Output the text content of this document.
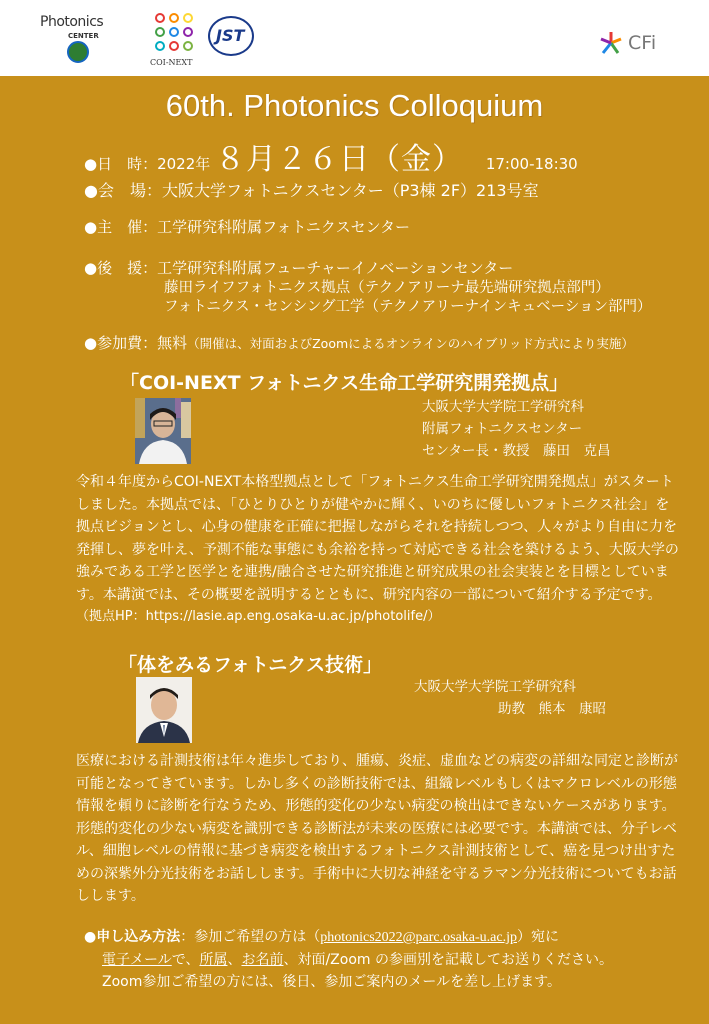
Photonics
CENTER
COI-NEXT
JST	CFi
60th. Photonics Colloquium
●日　時：2022年 ８月２６日（金） 17:00-18:30
●会　場：大阪大学フォトニクスセンター（P3棟 2F）213号室
●主　催：工学研究科附属フォトニクスセンター
●後　援：工学研究科附属フューチャーイノベーションセンター
藤田ライフフォトニクス拠点（テクノアリーナ最先端研究拠点部門）
フォトニクス・センシング工学（テクノアリーナインキュベーション部門）
●参加費：無料（開催は、対面およびZoomによるオンラインのハイブリッド方式により実施）
「COI-NEXT フォトニクス生命工学研究開発拠点」
大阪大学大学院工学研究科
附属フォトニクスセンター
センター長・教授　藤田　克昌

令和４年度からCOI-NEXT本格型拠点として「フォトニクス生命工学研究開発拠点」がスタート

しました。本拠点では、「ひとりひとりが健やかに輝く、いのちに優しいフォトニクス社会」を

拠点ビジョンとし、心身の健康を正確に把握しながらそれを持続しつつ、人々がより自由に力を

発揮し、夢を叶え、予測不能な事態にも余裕を持って対応できる社会を築けるよう、大阪大学の

強みである工学と医学とを連携/融合させた研究推進と研究成果の社会実装とを目標としていま

す。本講演では、その概要を説明するとともに、研究内容の一部について紹介する予定です。

（拠点HP：https://lasie.ap.eng.osaka-u.ac.jp/photolife/）

「体をみるフォトニクス技術」
大阪大学大学院工学研究科
助教　熊本　康昭

医療における計測技術は年々進歩しており、腫瘍、炎症、虚血などの病変の詳細な同定と診断が

可能となってきています。しかし多くの診断技術では、組織レベルもしくはマクロレベルの形態

情報を頼りに診断を行なうため、形態的変化の少ない病変の検出はできないケースがあります。

形態的変化の少ない病変を識別できる診断法が未来の医療には必要です。本講演では、分子レベ

ル、細胞レベルの情報に基づき病変を検出するフォトニクス計測技術として、癌を見つけ出すた

めの深紫外分光技術をお話しします。手術中に大切な神経を守るラマン分光技術についてもお話

しします。

●申し込み方法：参加ご希望の方は（photonics2022@parc.osaka-u.ac.jp）宛に
電子メールで、所属、お名前、対面/Zoom の参画別を記載してお送りください。
Zoom参加ご希望の方には、後日、参加ご案内のメールを差し上げます。
